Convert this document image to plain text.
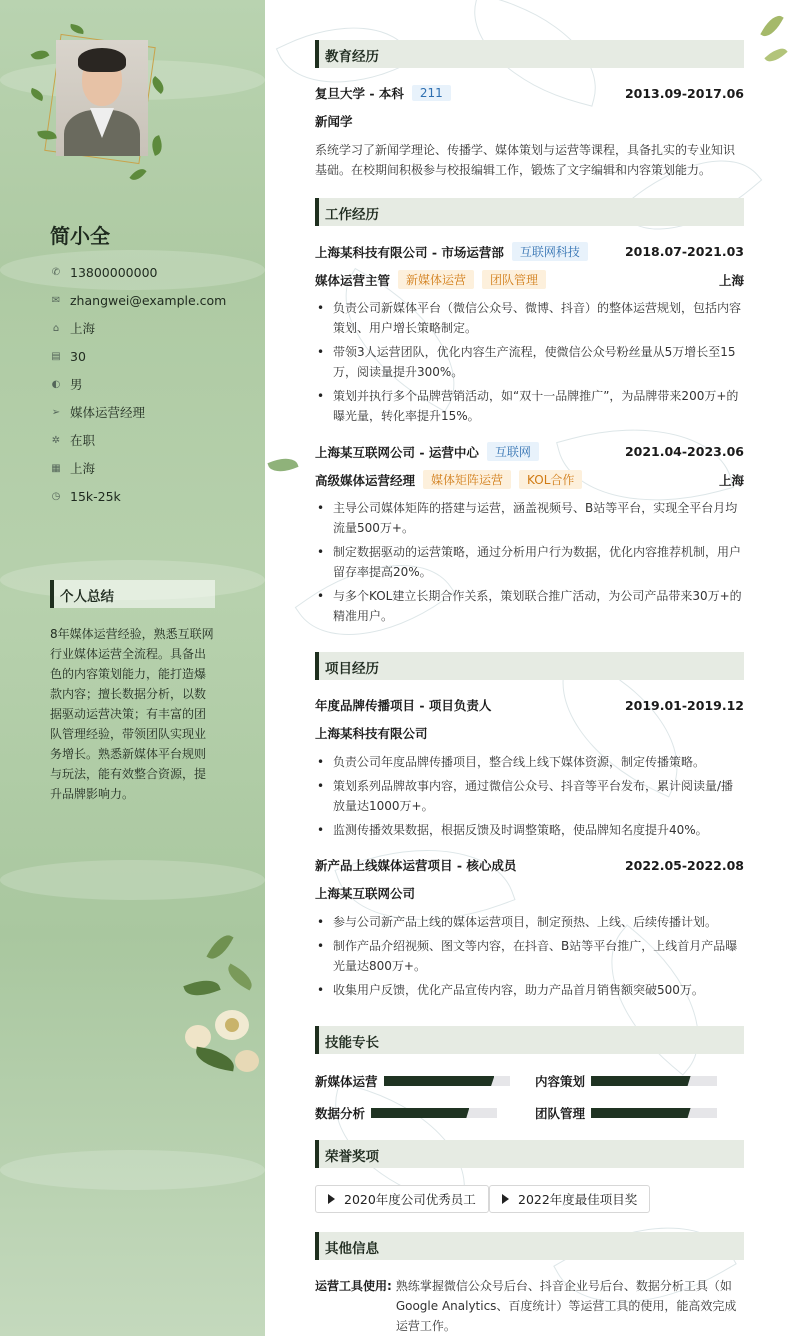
简小全
✆ 13800000000
✉ zhangwei@example.com
⌂ 上海
▤ 30
◐ 男
➢ 媒体运营经理
✲ 在职
▦ 上海
◷ 15k-25k
个人总结
8年媒体运营经验，熟悉互联网行业媒体运营全流程。具备出色的内容策划能力，能打造爆款内容；擅长数据分析，以数据驱动运营决策；有丰富的团队管理经验，带领团队实现业务增长。熟悉新媒体平台规则与玩法，能有效整合资源，提升品牌影响力。
教育经历
复旦大学 - 本科	211	2013.09-2017.06
新闻学
系统学习了新闻学理论、传播学、媒体策划与运营等课程，具备扎实的专业知识基础。在校期间积极参与校报编辑工作，锻炼了文字编辑和内容策划能力。
工作经历
上海某科技有限公司 - 市场运营部	互联网科技	2018.07-2021.03
媒体运营主管	新媒体运营	团队管理	上海
• 负责公司新媒体平台（微信公众号、微博、抖音）的整体运营规划，包括内容策划、用户增长策略制定。
• 带领3人运营团队，优化内容生产流程，使微信公众号粉丝量从5万增长至15万，阅读量提升300%。
• 策划并执行多个品牌营销活动，如“双十一品牌推广”，为品牌带来200万+的曝光量，转化率提升15%。
上海某互联网公司 - 运营中心	互联网	2021.04-2023.06
高级媒体运营经理	媒体矩阵运营	KOL合作	上海
• 主导公司媒体矩阵的搭建与运营，涵盖视频号、B站等平台，实现全平台月均流量500万+。
• 制定数据驱动的运营策略，通过分析用户行为数据，优化内容推荐机制，用户留存率提高20%。
• 与多个KOL建立长期合作关系，策划联合推广活动，为公司产品带来30万+的精准用户。
项目经历
年度品牌传播项目 - 项目负责人	2019.01-2019.12
上海某科技有限公司
• 负责公司年度品牌传播项目，整合线上线下媒体资源，制定传播策略。
• 策划系列品牌故事内容，通过微信公众号、抖音等平台发布，累计阅读量/播放量达1000万+。
• 监测传播效果数据，根据反馈及时调整策略，使品牌知名度提升40%。
新产品上线媒体运营项目 - 核心成员	2022.05-2022.08
上海某互联网公司
• 参与公司新产品上线的媒体运营项目，制定预热、上线、后续传播计划。
• 制作产品介绍视频、图文等内容，在抖音、B站等平台推广，上线首月产品曝光量达800万+。
• 收集用户反馈，优化产品宣传内容，助力产品首月销售额突破500万。
技能专长
新媒体运营	内容策划
数据分析	团队管理
荣誉奖项
2020年度公司优秀员工	2022年度最佳项目奖
其他信息
运营工具使用: 熟练掌握微信公众号后台、抖音企业号后台、数据分析工具（如Google Analytics、百度统计）等运营工具的使用，能高效完成运营工作。
